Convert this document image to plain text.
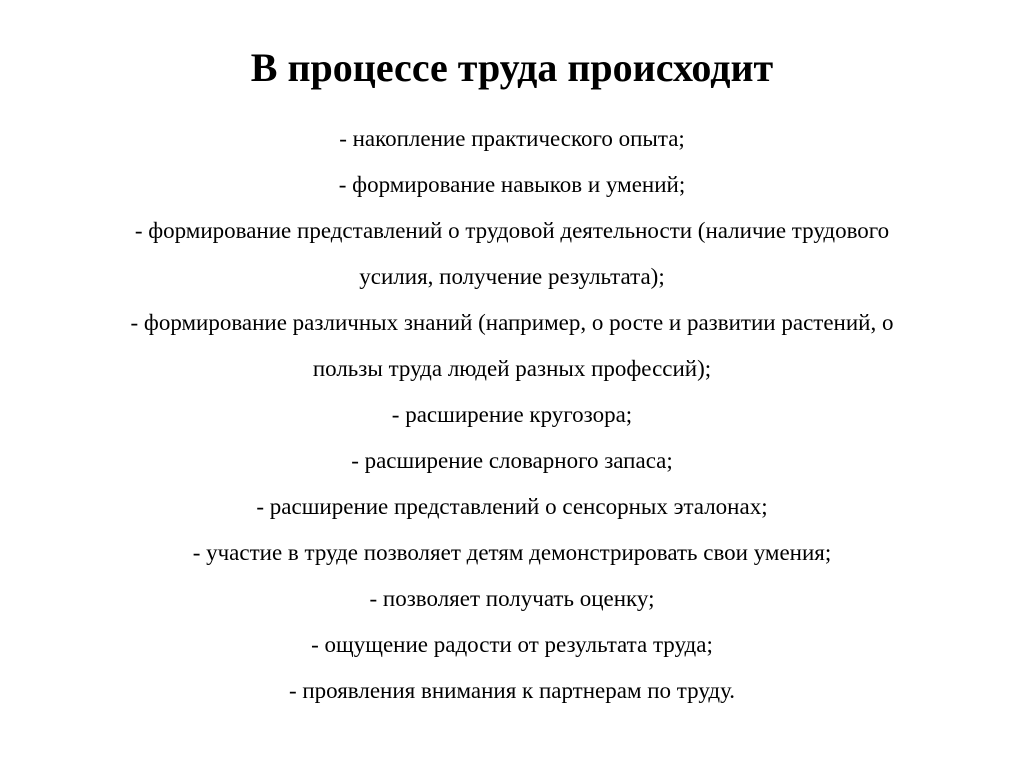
В процессе труда происходит
- накопление практического опыта;
- формирование навыков и умений;
- формирование представлений о трудовой деятельности (наличие трудового
усилия, получение результата);
- формирование различных знаний (например, о росте и развитии растений, о
пользы труда людей разных профессий);
- расширение кругозора;
- расширение словарного запаса;
- расширение представлений о сенсорных эталонах;
- участие в труде позволяет детям демонстрировать свои умения;
- позволяет получать оценку;
- ощущение радости от результата труда;
- проявления внимания к партнерам по труду.
